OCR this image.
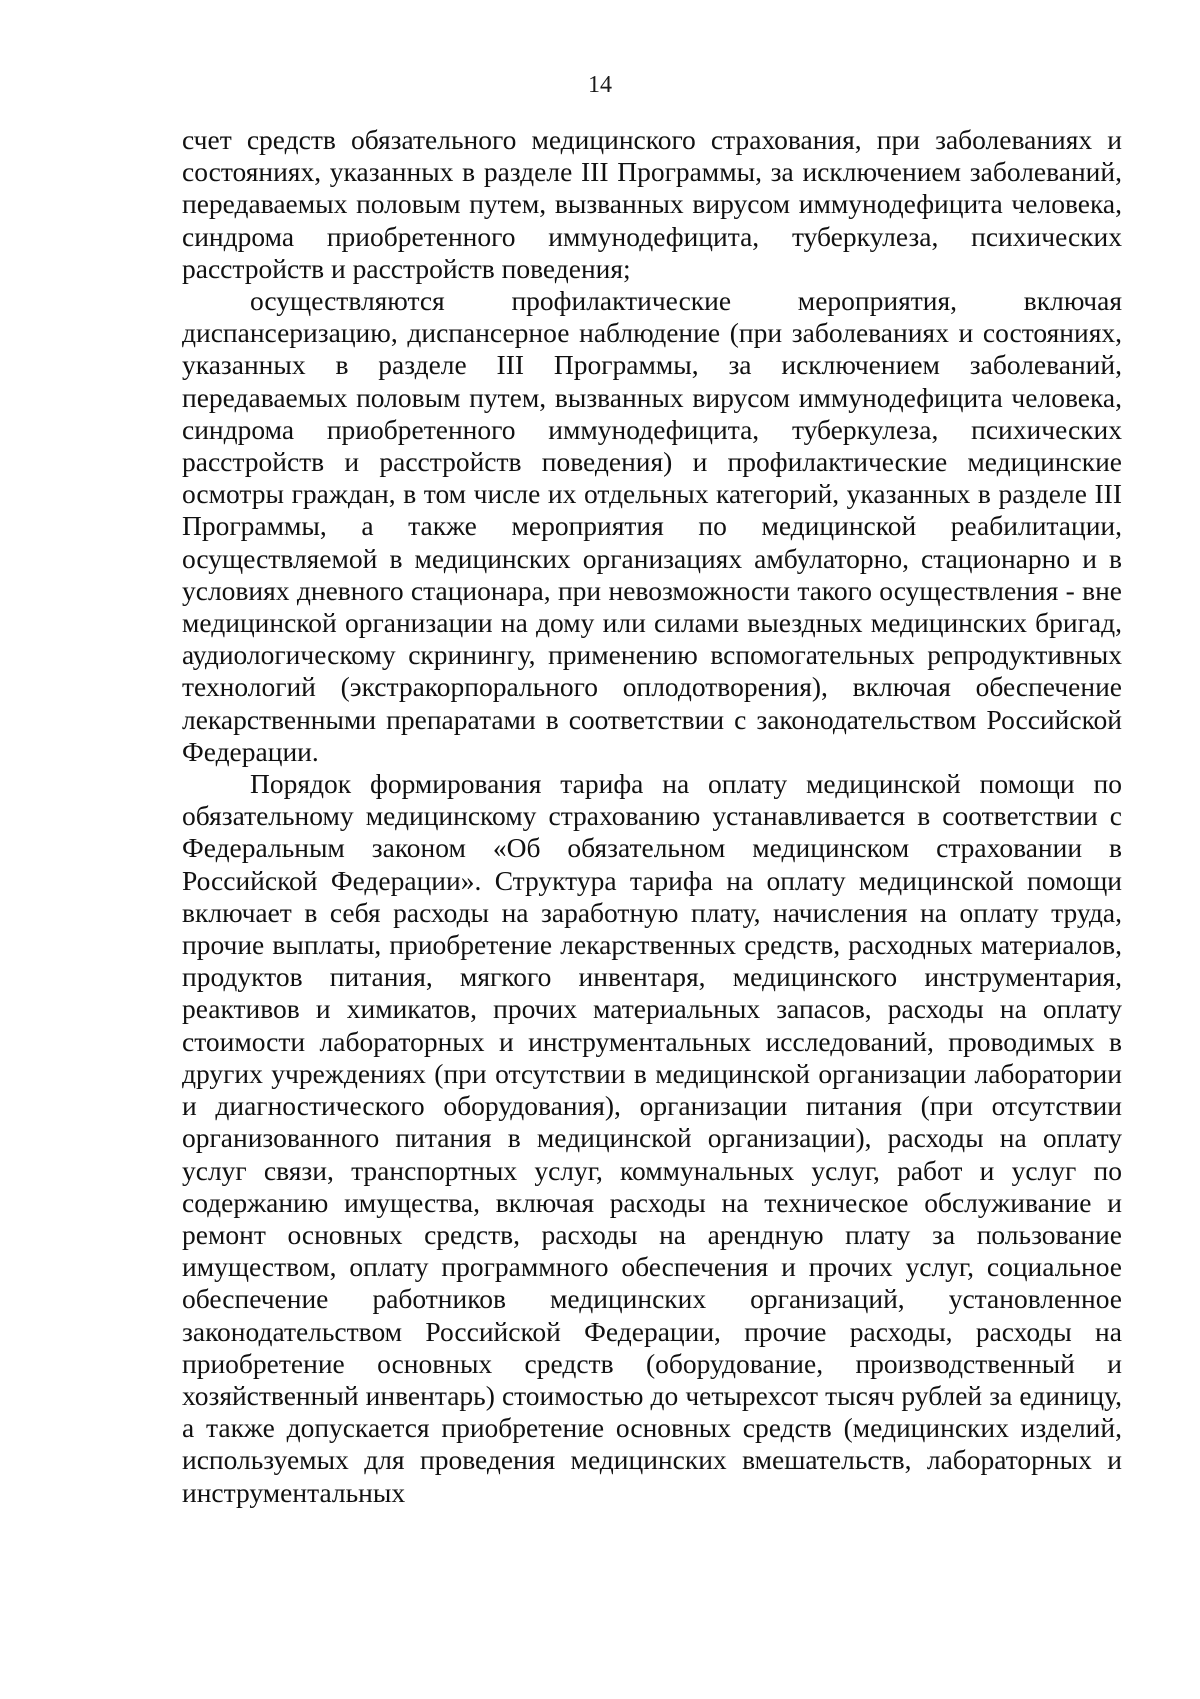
14

счет средств обязательного медицинского страхования, при заболеваниях и состояниях, указанных в разделе III Программы, за исключением заболеваний, передаваемых половым путем, вызванных вирусом иммунодефицита человека, синдрома приобретенного иммунодефицита, туберкулеза, психических расстройств и расстройств поведения;

осуществляются профилактические мероприятия, включая диспансеризацию, диспансерное наблюдение (при заболеваниях и состояниях, указанных в разделе III Программы, за исключением заболеваний, передаваемых половым путем, вызванных вирусом иммунодефицита человека, синдрома приобретенного иммунодефицита, туберкулеза, психических расстройств и расстройств поведения) и профилактические медицинские осмотры граждан, в том числе их отдельных категорий, указанных в разделе III Программы, а также мероприятия по медицинской реабилитации, осуществляемой в медицинских организациях амбулаторно, стационарно и в условиях дневного стационара, при невозможности такого осуществления - вне медицинской организации на дому или силами выездных медицинских бригад, аудиологическому скринингу, применению вспомогательных репродуктивных технологий (экстракорпорального оплодотворения), включая обеспечение лекарственными препаратами в соответствии с законодательством Российской Федерации.

Порядок формирования тарифа на оплату медицинской помощи по обязательному медицинскому страхованию устанавливается в соответствии с Федеральным законом «Об обязательном медицинском страховании в Российской Федерации». Структура тарифа на оплату медицинской помощи включает в себя расходы на заработную плату, начисления на оплату труда, прочие выплаты, приобретение лекарственных средств, расходных материалов, продуктов питания, мягкого инвентаря, медицинского инструментария, реактивов и химикатов, прочих материальных запасов, расходы на оплату стоимости лабораторных и инструментальных исследований, проводимых в других учреждениях (при отсутствии в медицинской организации лаборатории и диагностического оборудования), организации питания (при отсутствии организованного питания в медицинской организации), расходы на оплату услуг связи, транспортных услуг, коммунальных услуг, работ и услуг по содержанию имущества, включая расходы на техническое обслуживание и ремонт основных средств, расходы на арендную плату за пользование имуществом, оплату программного обеспечения и прочих услуг, социальное обеспечение работников медицинских организаций, установленное законодательством Российской Федерации, прочие расходы, расходы на приобретение основных средств (оборудование, производственный и хозяйственный инвентарь) стоимостью до четырехсот тысяч рублей за единицу, а также допускается приобретение основных средств (медицинских изделий, используемых для проведения медицинских вмешательств, лабораторных и инструментальных
